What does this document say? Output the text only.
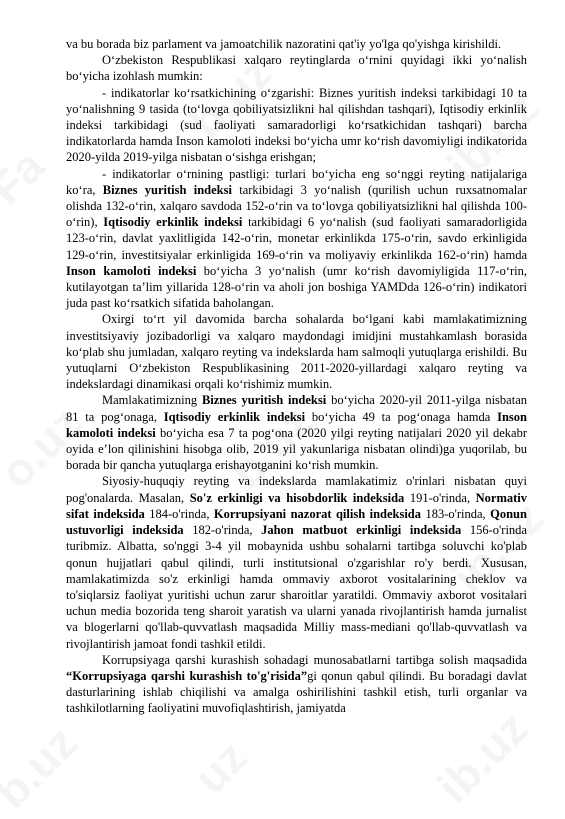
va bu borada biz parlament va jamoatchilik nazoratini qat'iy yo'lga qo'yishga kirishildi.

O‘zbekiston Respublikasi xalqaro reytinglarda o‘rnini quyidagi ikki yo‘nalish bo‘yicha izohlash mumkin:

- indikatorlar ko‘rsatkichining o‘zgarishi: Biznes yuritish indeksi tarkibidagi 10 ta yo‘nalishning 9 tasida (to‘lovga qobiliyatsizlikni hal qilishdan tashqari), Iqtisodiy erkinlik indeksi tarkibidagi (sud faoliyati samaradorligi ko‘rsatkichidan tashqari) barcha indikatorlarda hamda Inson kamoloti indeksi bo‘yicha umr ko‘rish davomiyligi indikatorida 2020-yilda 2019-yilga nisbatan o‘sishga erishgan;

- indikatorlar o‘rnining pastligi: turlari bo‘yicha eng so‘nggi reyting natijalariga ko‘ra, Biznes yuritish indeksi tarkibidagi 3 yo‘nalish (qurilish uchun ruxsatnomalar olishda 132-o‘rin, xalqaro savdoda 152-o‘rin va to‘lovga qobiliyatsizlikni hal qilishda 100-o‘rin), Iqtisodiy erkinlik indeksi tarkibidagi 6 yo‘nalish (sud faoliyati samaradorligida 123-o‘rin, davlat yaxlitligida 142-o‘rin, monetar erkinlikda 175-o‘rin, savdo erkinligida 129-o‘rin, investitsiyalar erkinligida 169-o‘rin va moliyaviy erkinlikda 162-o‘rin) hamda Inson kamoloti indeksi bo‘yicha 3 yo‘nalish (umr ko‘rish davomiyligida 117-o‘rin, kutilayotgan ta’lim yillarida 128-o‘rin va aholi jon boshiga YAMDda 126-o‘rin) indikatori juda past ko‘rsatkich sifatida baholangan.

Oxirgi to‘rt yil davomida barcha sohalarda bo‘lgani kabi mamlakatimizning investitsiyaviy jozibadorligi va xalqaro maydondagi imidjini mustahkamlash borasida ko‘plab shu jumladan, xalqaro reyting va indekslarda ham salmoqli yutuqlarga erishildi. Bu yutuqlarni O‘zbekiston Respublikasining 2011-2020-yillardagi xalqaro reyting va indekslardagi dinamikasi orqali ko‘rishimiz mumkin.

Mamlakatimizning Biznes yuritish indeksi bo‘yicha 2020-yil 2011-yilga nisbatan 81 ta pog‘onaga, Iqtisodiy erkinlik indeksi bo‘yicha 49 ta pog‘onaga hamda Inson kamoloti indeksi bo‘yicha esa 7 ta pog‘ona (2020 yilgi reyting natijalari 2020 yil dekabr oyida e’lon qilinishini hisobga olib, 2019 yil yakunlariga nisbatan olindi)ga yuqorilab, bu borada bir qancha yutuqlarga erishayotganini ko‘rish mumkin.

Siyosiy-huquqiy reyting va indekslarda mamlakatimiz o'rinlari nisbatan quyi pog'onalarda. Masalan, So'z erkinligi va hisobdorlik indeksida 191-o'rinda, Normativ sifat indeksida 184-o'rinda, Korrupsiyani nazorat qilish indeksida 183-o'rinda, Qonun ustuvorligi indeksida 182-o'rinda, Jahon matbuot erkinligi indeksida 156-o'rinda turibmiz. Albatta, so'nggi 3-4 yil mobaynida ushbu sohalarni tartibga soluvchi ko'plab qonun hujjatlari qabul qilindi, turli institutsional o'zgarishlar ro'y berdi. Xususan, mamlakatimizda so'z erkinligi hamda ommaviy axborot vositalarining cheklov va to'siqlarsiz faoliyat yuritishi uchun zarur sharoitlar yaratildi. Ommaviy axborot vositalari uchun media bozorida teng sharoit yaratish va ularni yanada rivojlantirish hamda jurnalist va blogerlarni qo'llab-quvvatlash maqsadida Milliy mass-mediani qo'llab-quvvatlash va rivojlantirish jamoat fondi tashkil etildi.

Korrupsiyaga qarshi kurashish sohadagi munosabatlarni tartibga solish maqsadida “Korrupsiyaga qarshi kurashish to'g'risida”gi qonun qabul qilindi. Bu boradagi davlat dasturlarining ishlab chiqilishi va amalga oshirilishini tashkil etish, turli organlar va tashkilotlarning faoliyatini muvofiqlashtirish, jamiyatda
